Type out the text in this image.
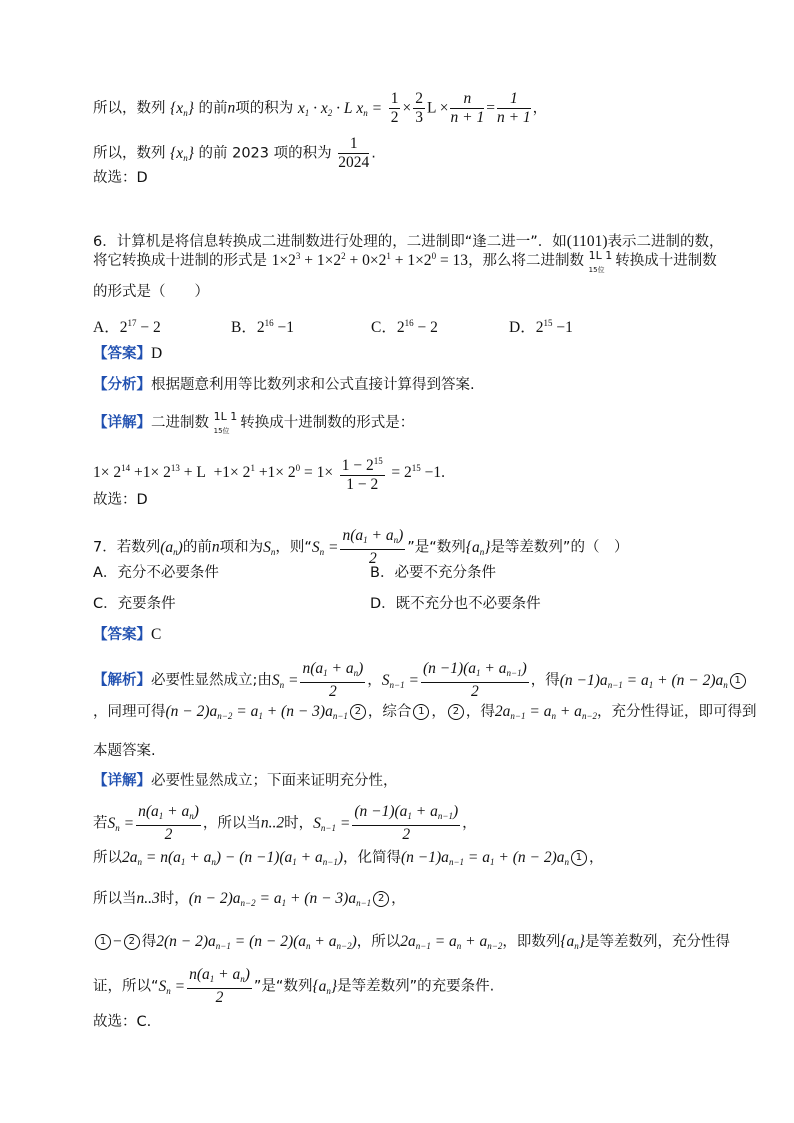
所以，数列 $\{x_n\}$ 的前n项的积为 $x_1 \cdot x_2 \cdot L$ $x_n = \frac{1}{2} \times \frac{2}{3}$ $L \times \frac{n}{n + 1} = \frac{1}{n + 1}$ ，
所以，数列 $\{x_n\}$ 的前 2023 项的积为 $\frac{1}{2024}$ .
故选：D
6．计算机是将信息转换成二进制数进行处理的，二进制即“逢二进一”．如(1101)表示二进制的数，
将它转换成十进制的形式是 $1\times 2^3 + 1\times 2^2 + 0\times 2^1 + 1\times 2^0 = 13$，那么将二进制数 1L 1
15位
转换成十进制数
的形式是（　　）
A．$2^{17} - 2$	B．$2^{16} -1$	C．$2^{16} - 2$	D．$2^{15} -1$
【答案】D
【分析】根据题意利用等比数列求和公式直接计算得到答案.
【详解】二进制数 1L 1
15位 转换成十进制数的形式是：
$1\times 2^{14} +1\times 2^{13} + L +1\times 2^1 +1\times 2^0 = 1\times \frac{1 - 2^{15}}{1 - 2} = 2^{15} -1$.
故选：D
7．若数列$(a_n)$的前n项和为$S_n$，则“$S_n = \frac{n(a_1 + a_n)}{2}$ ”是“数列$\{a_n\}$是等差数列”的（　）
A．充分不必要条件	B．必要不充分条件
C．充要条件	D．既不充分也不必要条件
【答案】C
【解析】必要性显然成立;由$S_n = \frac{n(a_1 + a_n)}{2}$ ，$S_{n-1} = \frac{(n -1)(a_1 + a_{n-1})}{2}$ ，得$(n -1)a_{n-1} = a_1 + (n - 2)a_n$ 1
，同理可得$(n - 2)a_{n-2} = a_1 + (n - 3)a_{n-1}$ 2 ，综合 1 ， 2 ，得$2a_{n-1} = a_n + a_{n-2}$，充分性得证，即可得到
本题答案.
【详解】必要性显然成立；下面来证明充分性，
若$S_n = \frac{n(a_1 + a_n)}{2}$ ，所以当n..2时，$S_{n-1} = \frac{(n -1)(a_1 + a_{n-1})}{2}$ ，
所以$2a_n = n(a_1 + a_n) - (n -1)(a_1 + a_{n-1})$，化简得$(n -1)a_{n-1} = a_1 + (n - 2)a_n$ 1 ，
所以当n..3时，$(n - 2)a_{n-2} = a_1 + (n - 3)a_{n-1}$ 2 ，
1 − 2 得$2(n - 2)a_{n-1} = (n - 2)(a_n + a_{n-2})$，所以$2a_{n-1} = a_n + a_{n-2}$，即数列$\{a_n\}$是等差数列，充分性得
证，所以“$S_n = \frac{n(a_1 + a_n)}{2}$ ”是“数列$\{a_n\}$是等差数列”的充要条件.
故选：C.
